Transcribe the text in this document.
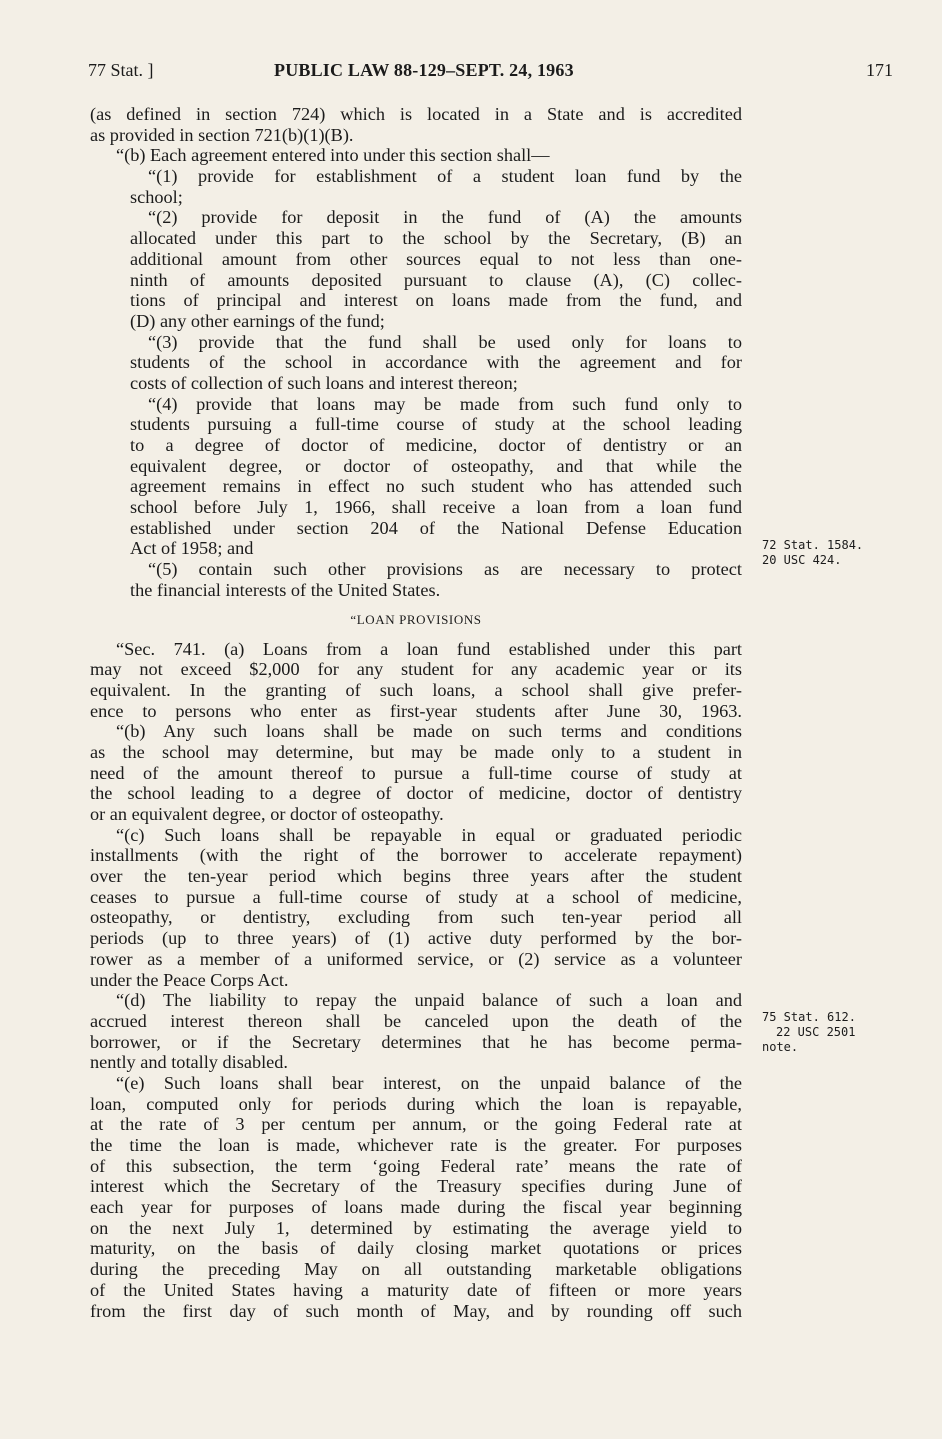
77 Stat. ]	PUBLIC LAW 88-129–SEPT. 24, 1963	171
(as defined in section 724) which is located in a State and is accredited
as provided in section 721(b)(1)(B).
“(b) Each agreement entered into under this section shall—
“(1) provide for establishment of a student loan fund by the
school;
“(2) provide for deposit in the fund of (A) the amounts
allocated under this part to the school by the Secretary, (B) an
additional amount from other sources equal to not less than one-
ninth of amounts deposited pursuant to clause (A), (C) collec-
tions of principal and interest on loans made from the fund, and
(D) any other earnings of the fund;
“(3) provide that the fund shall be used only for loans to
students of the school in accordance with the agreement and for
costs of collection of such loans and interest thereon;
“(4) provide that loans may be made from such fund only to
students pursuing a full-time course of study at the school leading
to a degree of doctor of medicine, doctor of dentistry or an
equivalent degree, or doctor of osteopathy, and that while the
agreement remains in effect no such student who has attended such
school before July 1, 1966, shall receive a loan from a loan fund
established under section 204 of the National Defense Education
Act of 1958; and
“(5) contain such other provisions as are necessary to protect
the financial interests of the United States.
“LOAN PROVISIONS
“Sec. 741. (a) Loans from a loan fund established under this part
may not exceed $2,000 for any student for any academic year or its
equivalent. In the granting of such loans, a school shall give prefer-
ence to persons who enter as first-year students after June 30, 1963.
“(b) Any such loans shall be made on such terms and conditions
as the school may determine, but may be made only to a student in
need of the amount thereof to pursue a full-time course of study at
the school leading to a degree of doctor of medicine, doctor of dentistry
or an equivalent degree, or doctor of osteopathy.
“(c) Such loans shall be repayable in equal or graduated periodic
installments (with the right of the borrower to accelerate repayment)
over the ten-year period which begins three years after the student
ceases to pursue a full-time course of study at a school of medicine,
osteopathy, or dentistry, excluding from such ten-year period all
periods (up to three years) of (1) active duty performed by the bor-
rower as a member of a uniformed service, or (2) service as a volunteer
under the Peace Corps Act.
“(d) The liability to repay the unpaid balance of such a loan and
accrued interest thereon shall be canceled upon the death of the
borrower, or if the Secretary determines that he has become perma-
nently and totally disabled.
“(e) Such loans shall bear interest, on the unpaid balance of the
loan, computed only for periods during which the loan is repayable,
at the rate of 3 per centum per annum, or the going Federal rate at
the time the loan is made, whichever rate is the greater. For purposes
of this subsection, the term ‘going Federal rate’ means the rate of
interest which the Secretary of the Treasury specifies during June of
each year for purposes of loans made during the fiscal year beginning
on the next July 1, determined by estimating the average yield to
maturity, on the basis of daily closing market quotations or prices
during the preceding May on all outstanding marketable obligations
of the United States having a maturity date of fifteen or more years
from the first day of such month of May, and by rounding off such
72 Stat. 1584.
20 USC 424.
75 Stat. 612.
22 USC 2501
note.
